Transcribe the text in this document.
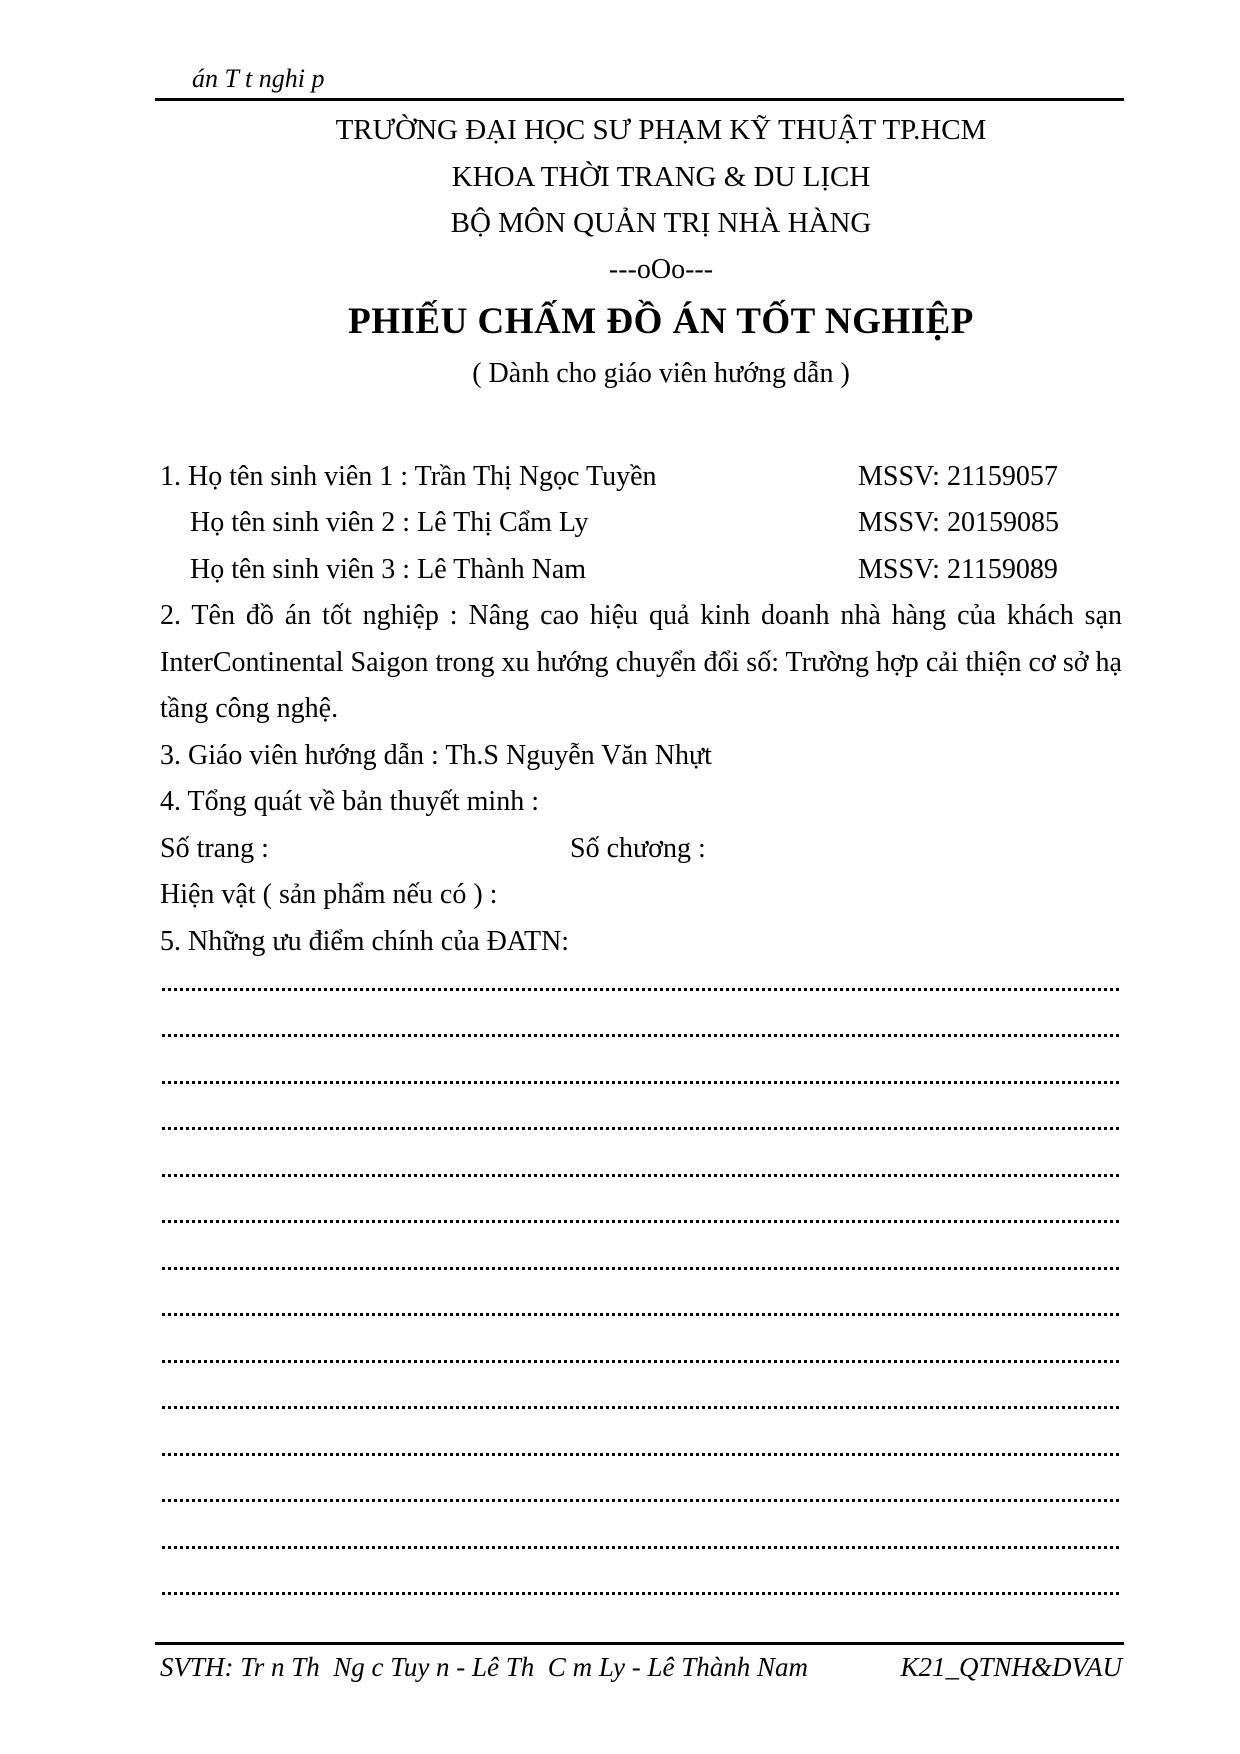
án T t nghi p
TRƯỜNG ĐẠI HỌC SƯ PHẠM KỸ THUẬT TP.HCM
KHOA THỜI TRANG & DU LỊCH
BỘ MÔN QUẢN TRỊ NHÀ HÀNG
---oOo---
PHIẾU CHẤM ĐỒ ÁN TỐT NGHIỆP
( Dành cho giáo viên hướng dẫn )
1. Họ tên sinh viên 1 : Trần Thị Ngọc Tuyền	MSSV: 21159057
Họ tên sinh viên 2 : Lê Thị Cẩm Ly	MSSV: 20159085
Họ tên sinh viên 3 : Lê Thành Nam	MSSV: 21159089
2. Tên đồ án tốt nghiệp : Nâng cao hiệu quả kinh doanh nhà hàng của khách sạn InterContinental Saigon trong xu hướng chuyển đổi số: Trường hợp cải thiện cơ sở hạ tầng công nghệ.
3. Giáo viên hướng dẫn : Th.S Nguyễn Văn Nhựt
4. Tổng quát về bản thuyết minh :
Số trang :	Số chương :
Hiện vật ( sản phẩm nếu có ) :
5. Những ưu điểm chính của ĐATN:
SVTH: Tr n Th  Ng c Tuy n - Lê Th  C m Ly - Lê Thành Nam	K21_QTNH&DVAU
